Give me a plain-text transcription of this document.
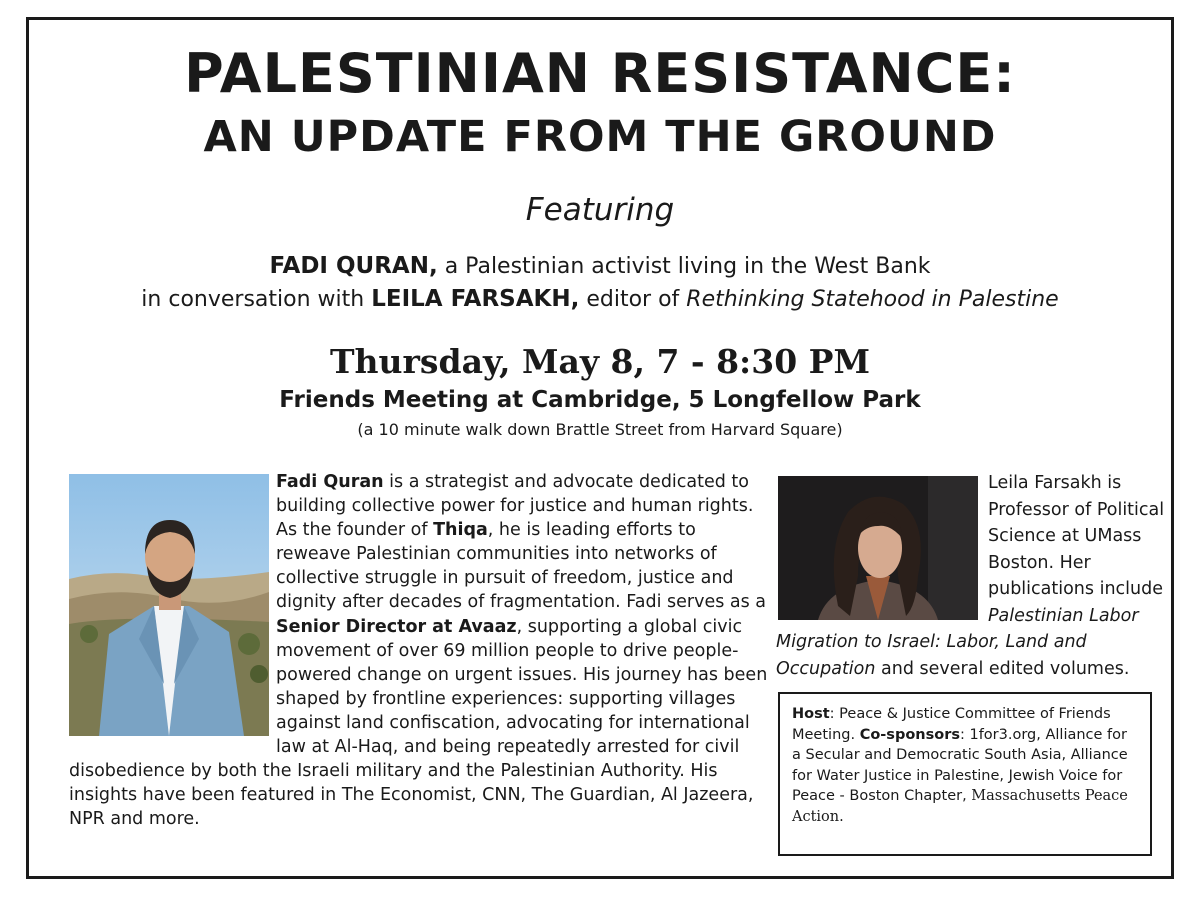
PALESTINIAN RESISTANCE:
AN UPDATE FROM THE GROUND
Featuring
FADI QURAN, a Palestinian activist living in the West Bank
in conversation with LEILA FARSAKH, editor of Rethinking Statehood in Palestine
Thursday, May 8, 7 - 8:30 PM
Friends Meeting at Cambridge, 5 Longfellow Park
(a 10 minute walk down Brattle Street from Harvard Square)
Fadi Quran is a strategist and advocate dedicated to building collective power for justice and human rights. As the founder of Thiqa, he is leading efforts to reweave Palestinian communities into networks of collective struggle in pursuit of freedom, justice and dignity after decades of fragmentation. Fadi serves as a Senior Director at Avaaz, supporting a global civic movement of over 69 million people to drive people-powered change on urgent issues. His journey has been shaped by frontline experiences: supporting villages against land confiscation, advocating for international law at Al-Haq, and being repeatedly arrested for civil disobedience by both the Israeli military and the Palestinian Authority. His insights have been featured in The Economist, CNN, The Guardian, Al Jazeera, NPR and more.
Leila Farsakh is Professor of Political Science at UMass Boston. Her publications include Palestinian Labor Migration to Israel: Labor, Land and Occupation and several edited volumes.
Host: Peace & Justice Committee of Friends Meeting. Co-sponsors: 1for3.org, Alliance for a Secular and Democratic South Asia, Alliance for Water Justice in Palestine, Jewish Voice for Peace - Boston Chapter, Massachusetts Peace Action.
